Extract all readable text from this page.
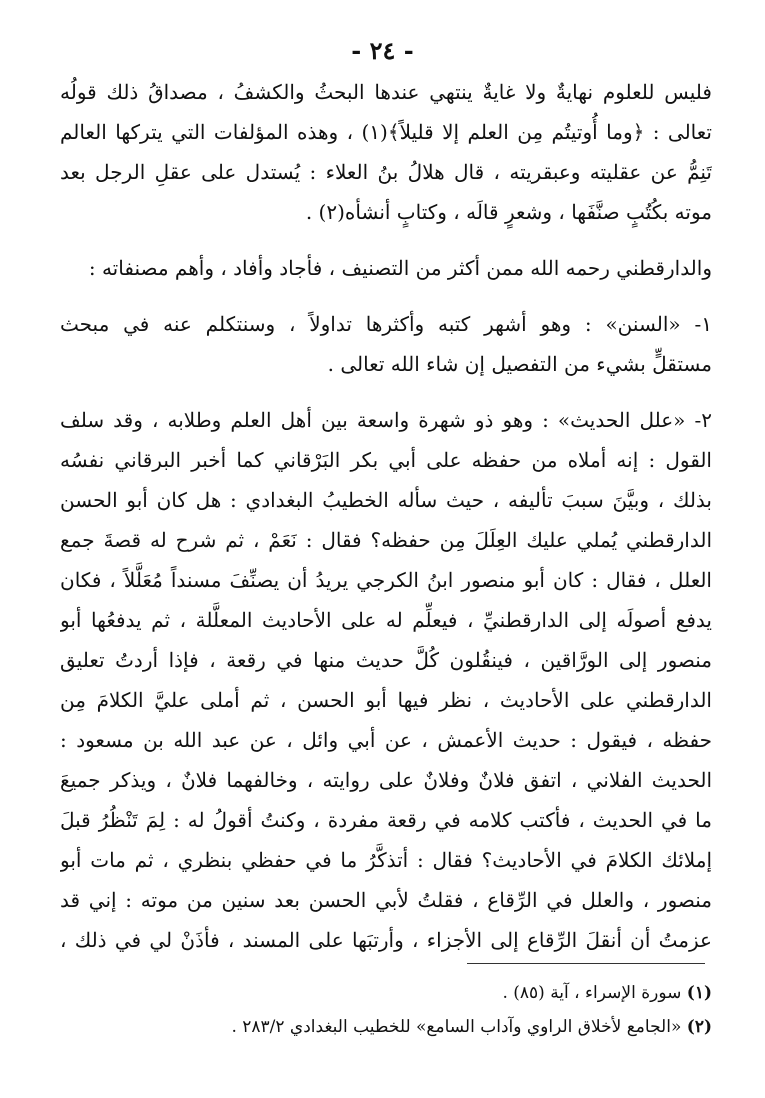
- ٢٤ -
فليس للعلوم نهايةٌ ولا غايةٌ ينتهي عندها البحثُ والكشفُ ، مصداقُ ذلك قولُه
تعالى : ﴿وما أُوتيتُم مِن العلم إلا قليلاً﴾(١) ، وهذه المؤلفات التي يتركها العالم
تَنِمُّ عن عقليته وعبقريته ، قال هلالُ بنُ العلاء : يُستدل على عقلِ الرجل بعد
موته بكُتُبٍ صنَّفَها ، وشعرٍ قالَه ، وكتابٍ أنشأه(٢) .
والدارقطني رحمه الله ممن أكثر من التصنيف ، فأجاد وأفاد ، وأهم مصنفاته :
١- «السنن» : وهو أشهر كتبه وأكثرها تداولاً ، وسنتكلم عنه في مبحث
مستقلٍّ بشيء من التفصيل إن شاء الله تعالى .
٢- «علل الحديث» : وهو ذو شهرة واسعة بين أهل العلم وطلابه ، وقد سلف
القول : إنه أملاه من حفظه على أبي بكر البَرْقاني كما أخبر البرقاني نفسُه
بذلك ، وبيَّنَ سببَ تأليفه ، حيث سأله الخطيبُ البغدادي : هل كان أبو الحسن
الدارقطني يُملي عليك العِلَلَ مِن حفظه؟ فقال : نَعَمْ ، ثم شرح له قصةَ جمع
العلل ، فقال : كان أبو منصور ابنُ الكرجي يريدُ أن يصنِّفَ مسنداً مُعَلَّلاً ، فكان
يدفع أصولَه إلى الدارقطنيِّ ، فيعلِّم له على الأحاديث المعلَّلة ، ثم يدفعُها أبو
منصور إلى الورَّاقين ، فينقُلون كُلَّ حديث منها في رقعة ، فإذا أردتُ تعليق
الدارقطني على الأحاديث ، نظر فيها أبو الحسن ، ثم أملى عليَّ الكلامَ مِن
حفظه ، فيقول : حديث الأعمش ، عن أبي وائل ، عن عبد الله بن مسعود :
الحديث الفلاني ، اتفق فلانٌ وفلانٌ على روايته ، وخالفهما فلانٌ ، ويذكر جميعَ
ما في الحديث ، فأكتب كلامه في رقعة مفردة ، وكنتُ أقولُ له : لِمَ تَنْظُرُ قبلَ
إملائك الكلامَ في الأحاديث؟ فقال : أتذكَّرُ ما في حفظي بنظري ، ثم مات أبو
منصور ، والعلل في الرِّقاع ، فقلتُ لأبي الحسن بعد سنين من موته : إني قد
عزمتُ أن أنقلَ الرِّقاع إلى الأجزاء ، وأرتبَها على المسند ، فأذَنْ لي في ذلك ،
(١) سورة الإسراء ، آية (٨٥) .
(٢) «الجامع لأخلاق الراوي وآداب السامع» للخطيب البغدادي ٢٨٣/٢ .
